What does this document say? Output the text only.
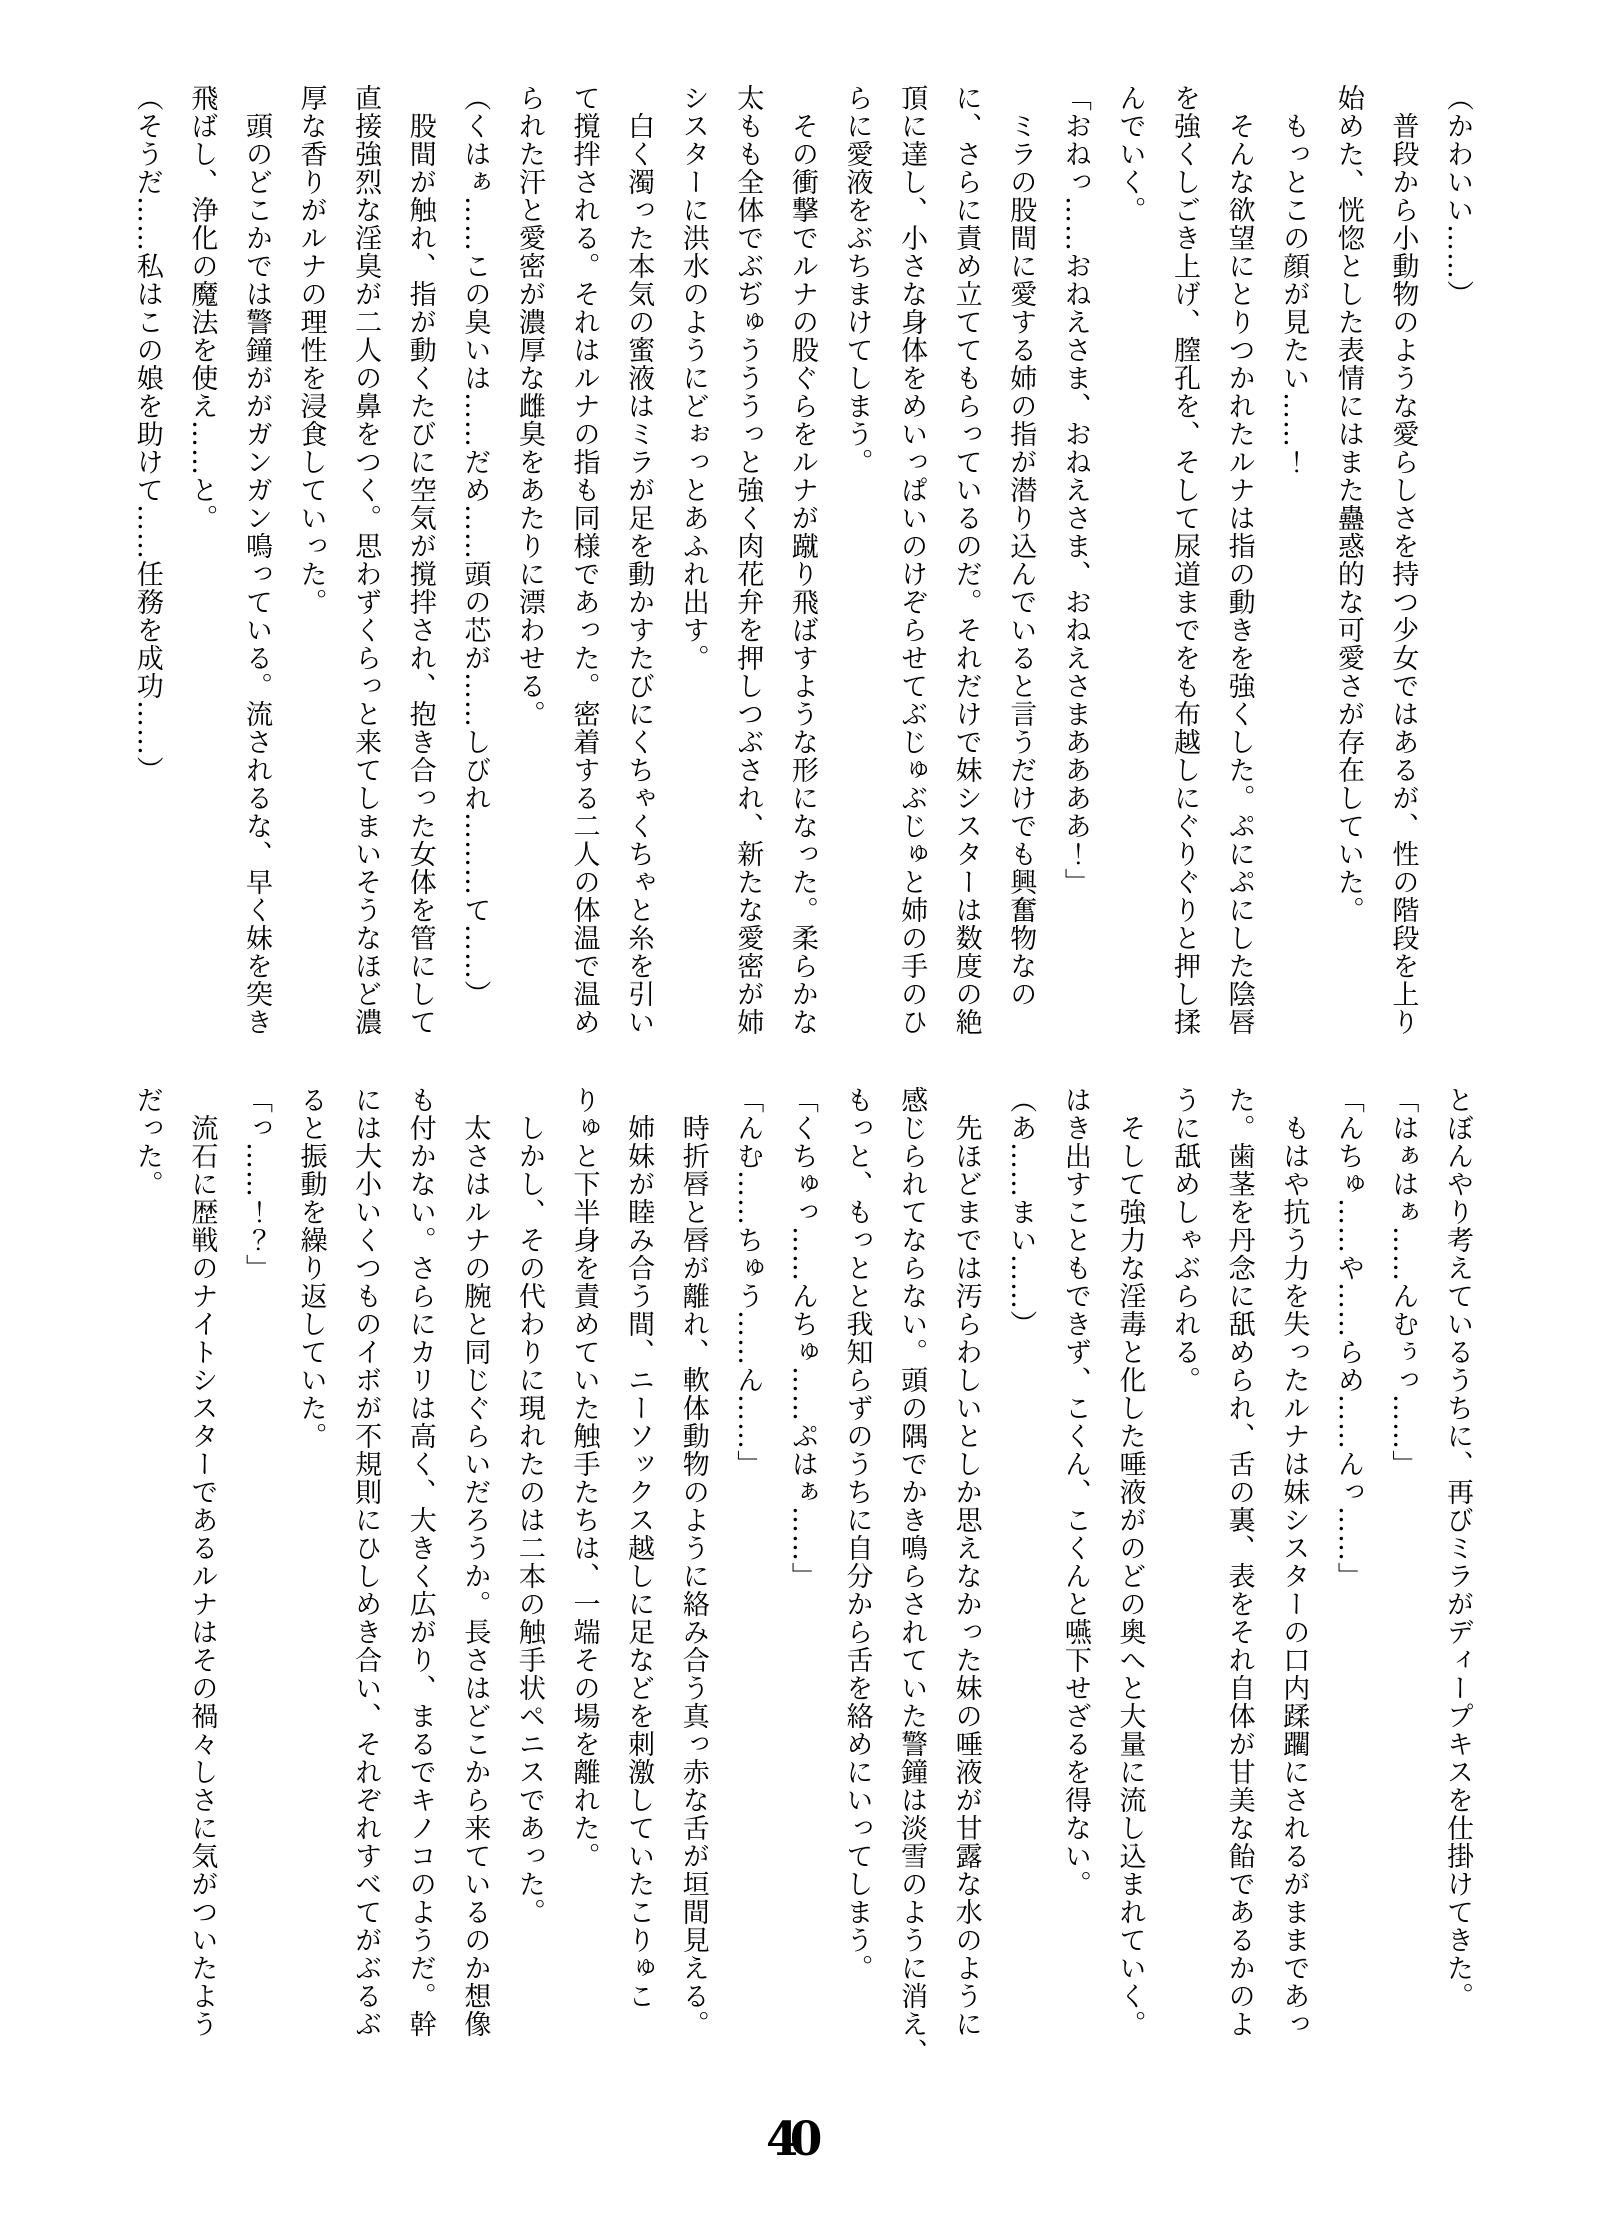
（かわいい……）

　普段から小動物のような愛らしさを持つ少女ではあるが、性の階段を上り

始めた、恍惚とした表情にはまた蠱惑的な可愛さが存在していた。

　もっとこの顔が見たい……！

　そんな欲望にとりつかれたルナは指の動きを強くした。ぷにぷにした陰唇

を強くしごき上げ、膣孔を、そして尿道までをも布越しにぐりぐりと押し揉

んでいく。

「おねっ……おねえさま、おねえさま、おねえさまああああ！」

　ミラの股間に愛する姉の指が潜り込んでいると言うだけでも興奮物なの

に、さらに責め立ててもらっているのだ。それだけで妹シスターは数度の絶

頂に達し、小さな身体をめいっぱいのけぞらせてぶじゅぶじゅと姉の手のひ

らに愛液をぶちまけてしまう。

　その衝撃でルナの股ぐらをルナが蹴り飛ばすような形になった。柔らかな

太もも全体でぶぢゅうううっと強く肉花弁を押しつぶされ、新たな愛密が姉

シスターに洪水のようにどぉっとあふれ出す。

　白く濁った本気の蜜液はミラが足を動かすたびにくちゃくちゃと糸を引い

て撹拌される。それはルナの指も同様であった。密着する二人の体温で温め

られた汗と愛密が濃厚な雌臭をあたりに漂わせる。

（くはぁ……この臭いは……だめ……頭の芯が……しびれ………て……）

　股間が触れ、指が動くたびに空気が撹拌され、抱き合った女体を管にして

直接強烈な淫臭が二人の鼻をつく。思わずくらっと来てしまいそうなほど濃

厚な香りがルナの理性を浸食していった。

　頭のどこかでは警鐘ががガンガン鳴っている。流されるな、早く妹を突き

飛ばし、浄化の魔法を使え……と。

（そうだ……私はこの娘を助けて……任務を成功……）

とぼんやり考えているうちに、再びミラがディープキスを仕掛けてきた。

「はぁはぁ……んむぅっ……」

「んちゅ……や……らめ……んっ……」

　もはや抗う力を失ったルナは妹シスターの口内蹂躙にされるがままであっ

た。歯茎を丹念に舐められ、舌の裏、表をそれ自体が甘美な飴であるかのよ

うに舐めしゃぶられる。

　そして強力な淫毒と化した唾液がのどの奥へと大量に流し込まれていく。

はき出すこともできず、こくん、こくんと嚥下せざるを得ない。

（あ……まい……）

　先ほどまでは汚らわしいとしか思えなかった妹の唾液が甘露な水のように

感じられてならない。頭の隅でかき鳴らされていた警鐘は淡雪のように消え、

もっと、もっとと我知らずのうちに自分から舌を絡めにいってしまう。

「くちゅっ……んちゅ……ぷはぁ……」

「んむ……ちゅう……ん……」

　時折唇と唇が離れ、軟体動物のように絡み合う真っ赤な舌が垣間見える。

　姉妹が睦み合う間、ニーソックス越しに足などを刺激していたこりゅこ

りゅと下半身を責めていた触手たちは、一端その場を離れた。

　しかし、その代わりに現れたのは二本の触手状ペニスであった。

　太さはルナの腕と同じぐらいだろうか。長さはどこから来ているのか想像

も付かない。さらにカリは高く、大きく広がり、まるでキノコのようだ。幹

には大小いくつものイボが不規則にひしめき合い、それぞれすべてがぶるぶ

ると振動を繰り返していた。

「っ……！？」

　流石に歴戦のナイトシスターであるルナはその禍々しさに気がついたよう

だった。

40
